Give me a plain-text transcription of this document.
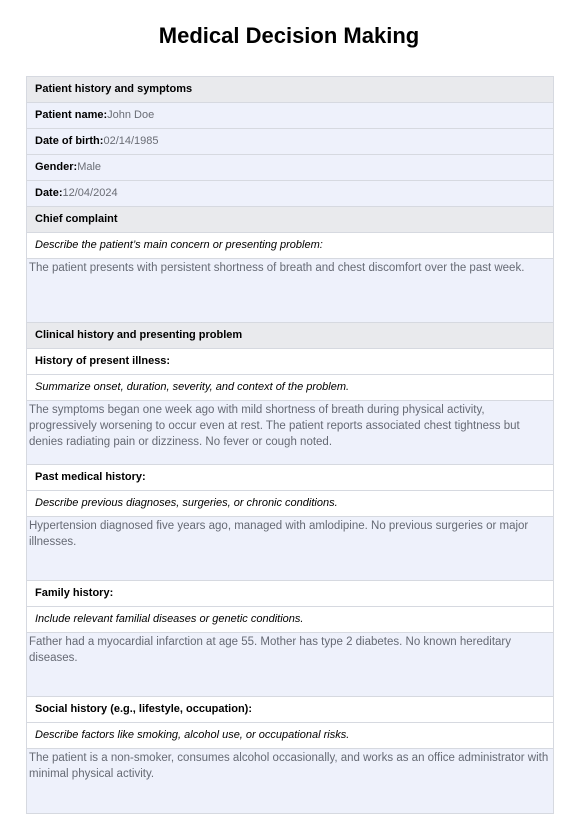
Medical Decision Making
Patient history and symptoms
Patient name:John Doe
Date of birth:02/14/1985
Gender:Male
Date:12/04/2024
Chief complaint
Describe the patient’s main concern or presenting problem:
The patient presents with persistent shortness of breath and chest discomfort over the past week.
Clinical history and presenting problem
History of present illness:
Summarize onset, duration, severity, and context of the problem.
The symptoms began one week ago with mild shortness of breath during physical activity, progressively worsening to occur even at rest. The patient reports associated chest tightness but denies radiating pain or dizziness. No fever or cough noted.
Past medical history:
Describe previous diagnoses, surgeries, or chronic conditions.
Hypertension diagnosed five years ago, managed with amlodipine. No previous surgeries or major illnesses.
Family history:
Include relevant familial diseases or genetic conditions.
Father had a myocardial infarction at age 55. Mother has type 2 diabetes. No known hereditary diseases.
Social history (e.g., lifestyle, occupation):
Describe factors like smoking, alcohol use, or occupational risks.
The patient is a non-smoker, consumes alcohol occasionally, and works as an office administrator with minimal physical activity.
